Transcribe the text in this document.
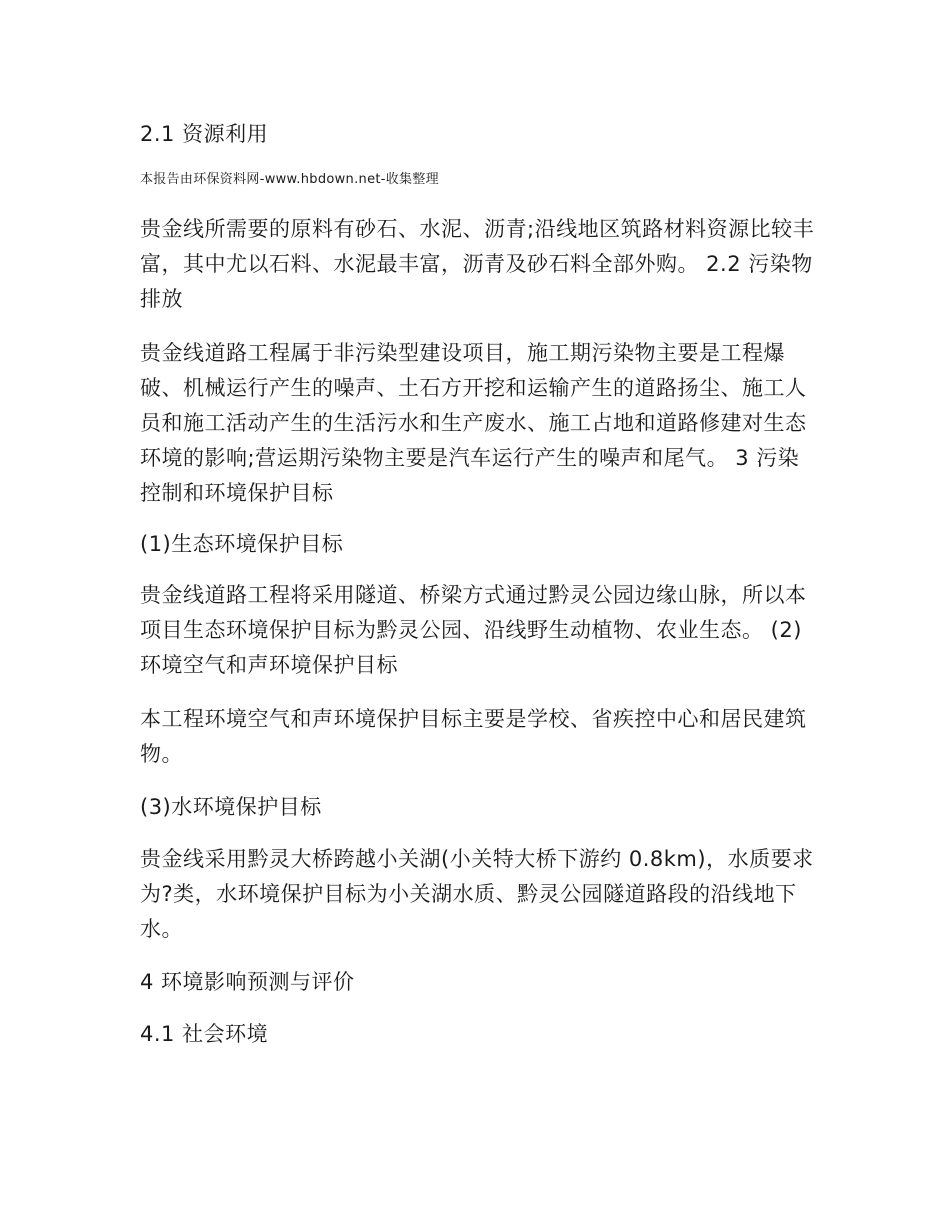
2.1 资源利用

本报告由环保资料网-www.hbdown.net-收集整理

贵金线所需要的原料有砂石、水泥、沥青;沿线地区筑路材料资源比较丰富，其中尤以石料、水泥最丰富，沥青及砂石料全部外购。 2.2 污染物排放

贵金线道路工程属于非污染型建设项目，施工期污染物主要是工程爆破、机械运行产生的噪声、土石方开挖和运输产生的道路扬尘、施工人员和施工活动产生的生活污水和生产废水、施工占地和道路修建对生态环境的影响;营运期污染物主要是汽车运行产生的噪声和尾气。 3 污染控制和环境保护目标

(1)生态环境保护目标

贵金线道路工程将采用隧道、桥梁方式通过黔灵公园边缘山脉，所以本项目生态环境保护目标为黔灵公园、沿线野生动植物、农业生态。 (2)环境空气和声环境保护目标

本工程环境空气和声环境保护目标主要是学校、省疾控中心和居民建筑物。

(3)水环境保护目标

贵金线采用黔灵大桥跨越小关湖(小关特大桥下游约 0.8km)，水质要求为?类，水环境保护目标为小关湖水质、黔灵公园隧道路段的沿线地下水。

4 环境影响预测与评价

4.1 社会环境
